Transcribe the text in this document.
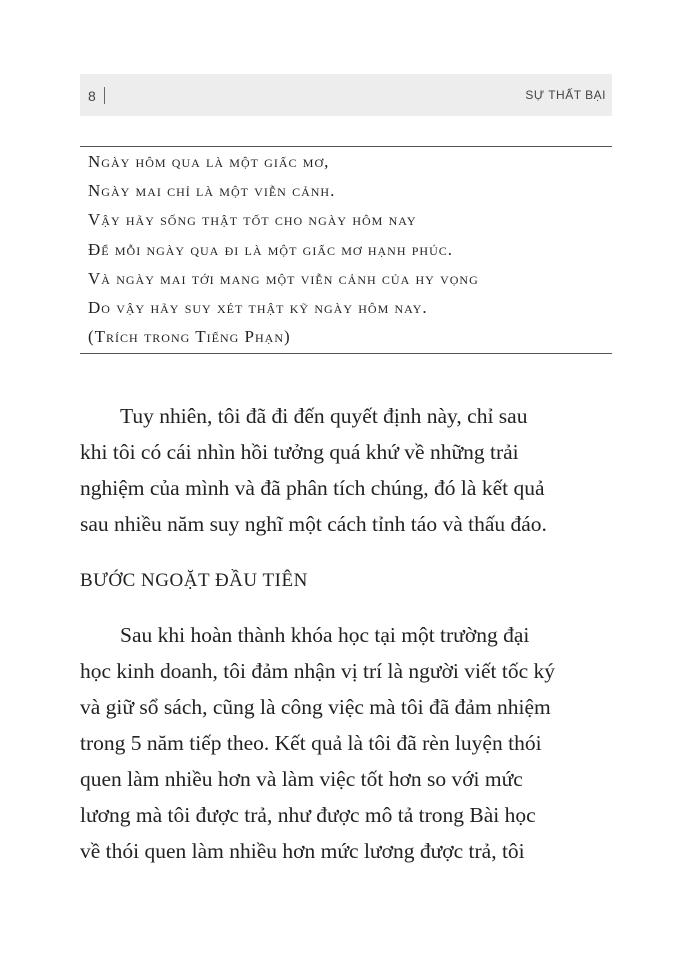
8	SỰ THẤT BẠI
Ngày hôm qua là một giấc mơ,
Ngày mai chỉ là một viễn cảnh.
Vậy hãy sống thật tốt cho ngày hôm nay
Để mỗi ngày qua đi là một giấc mơ hạnh phúc.
Và ngày mai tới mang một viễn cảnh của hy vọng
Do vậy hãy suy xét thật kỹ ngày hôm nay.
(Trích trong Tiếng Phạn)
Tuy nhiên, tôi đã đi đến quyết định này, chỉ sau
khi tôi có cái nhìn hồi tưởng quá khứ về những trải
nghiệm của mình và đã phân tích chúng, đó là kết quả
sau nhiều năm suy nghĩ một cách tỉnh táo và thấu đáo.
BƯỚC NGOẶT ĐẦU TIÊN
Sau khi hoàn thành khóa học tại một trường đại
học kinh doanh, tôi đảm nhận vị trí là người viết tốc ký
và giữ sổ sách, cũng là công việc mà tôi đã đảm nhiệm
trong 5 năm tiếp theo. Kết quả là tôi đã rèn luyện thói
quen làm nhiều hơn và làm việc tốt hơn so với mức
lương mà tôi được trả, như được mô tả trong Bài học
về thói quen làm nhiều hơn mức lương được trả, tôi
